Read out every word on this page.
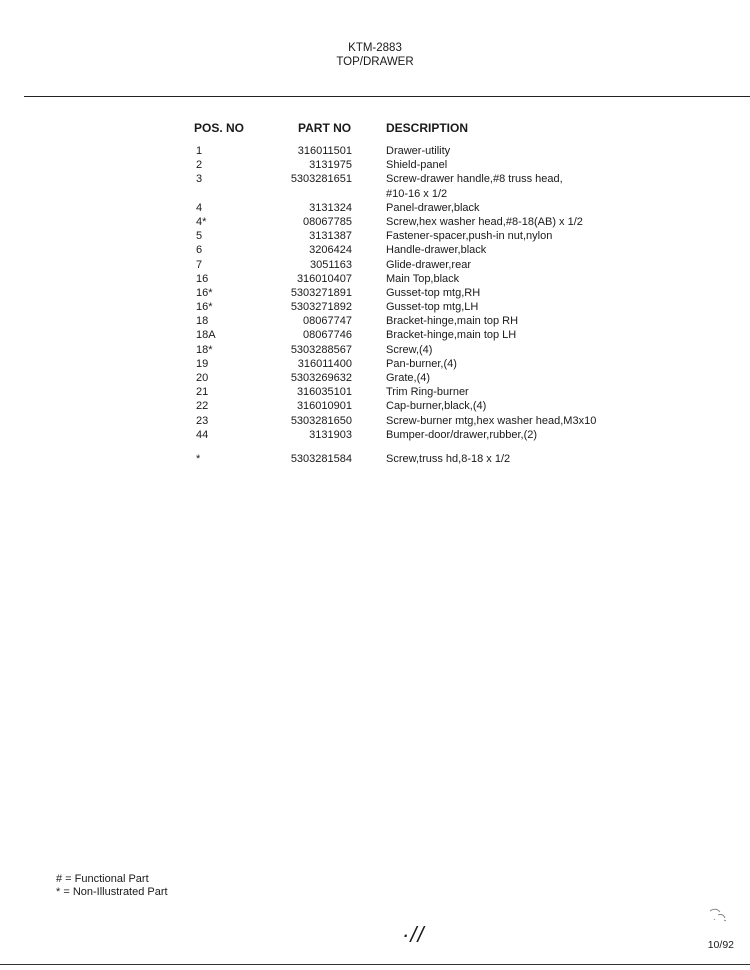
KTM-2883
TOP/DRAWER
POS. NO	PART NO	DESCRIPTION
1	316011501	Drawer-utility
2	3131975	Shield-panel
3	5303281651	Screw-drawer handle,#8 truss head,
#10-16 x 1/2
4	3131324	Panel-drawer,black
4*	08067785	Screw,hex washer head,#8-18(AB) x 1/2
5	3131387	Fastener-spacer,push-in nut,nylon
6	3206424	Handle-drawer,black
7	3051163	Glide-drawer,rear
16	316010407	Main Top,black
16*	5303271891	Gusset-top mtg,RH
16*	5303271892	Gusset-top mtg,LH
18	08067747	Bracket-hinge,main top RH
18A	08067746	Bracket-hinge,main top LH
18*	5303288567	Screw,(4)
19	316011400	Pan-burner,(4)
20	5303269632	Grate,(4)
21	316035101	Trim Ring-burner
22	316010901	Cap-burner,black,(4)
23	5303281650	Screw-burner mtg,hex washer head,M3x10
44	3131903	Bumper-door/drawer,rubber,(2)
*	5303281584	Screw,truss hd,8-18 x 1/2
# = Functional Part
* = Non-Illustrated Part
·//	10/92
